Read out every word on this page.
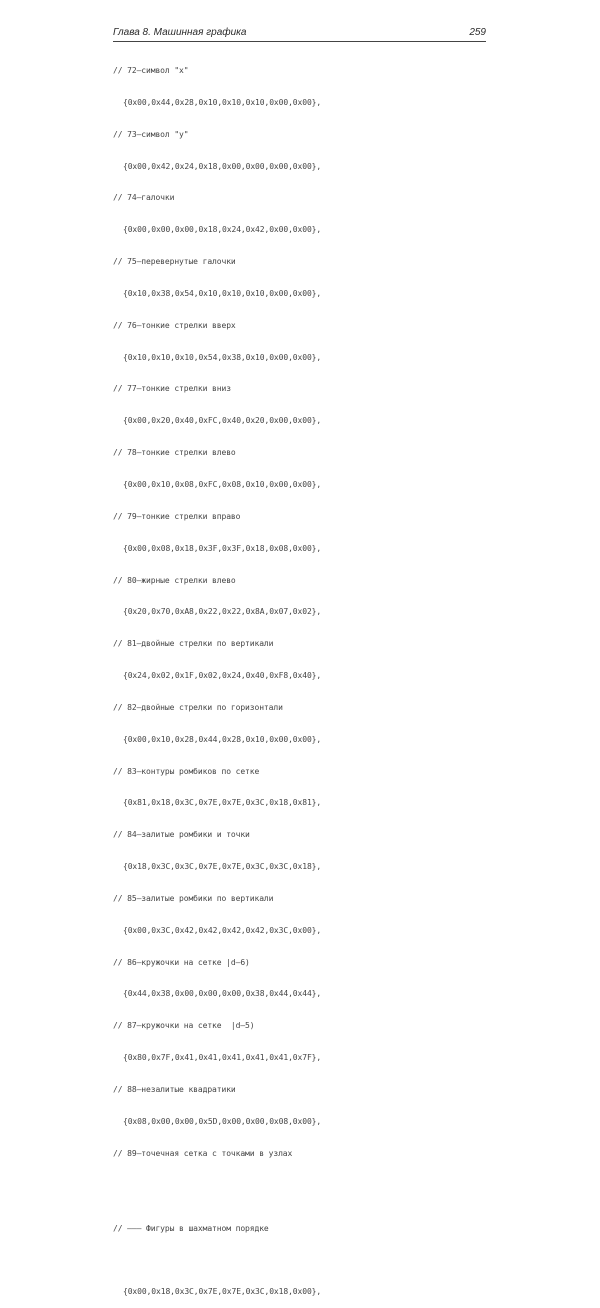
Глава 8. Машинная графика	259

// 72–символ "x"

{0x00,0x44,0x28,0x10,0x10,0x10,0x00,0x00},

// 73–символ "y"

{0x00,0x42,0x24,0x18,0x00,0x00,0x00,0x00},

// 74–галочки

{0x00,0x00,0x00,0x18,0x24,0x42,0x00,0x00},

// 75–перевернутые галочки

{0x10,0x38,0x54,0x10,0x10,0x10,0x00,0x00},

// 76–тонкие стрелки вверх

{0x10,0x10,0x10,0x54,0x38,0x10,0x00,0x00},

// 77–тонкие стрелки вниз

{0x00,0x20,0x40,0xFC,0x40,0x20,0x00,0x00},

// 78–тонкие стрелки влево

{0x00,0x10,0x08,0xFC,0x08,0x10,0x00,0x00},

// 79–тонкие стрелки вправо

{0x00,0x08,0x18,0x3F,0x3F,0x18,0x08,0x00},

// 80–жирные стрелки влево

{0x20,0x70,0xA8,0x22,0x22,0x8A,0x07,0x02},

// 81–двойные стрелки по вертикали

{0x24,0x02,0x1F,0x02,0x24,0x40,0xF8,0x40},

// 82–двойные стрелки по горизонтали

{0x00,0x10,0x28,0x44,0x28,0x10,0x00,0x00},

// 83–контуры ромбиков по сетке

{0x81,0x18,0x3C,0x7E,0x7E,0x3C,0x18,0x81},

// 84–залитые ромбики и точки

{0x18,0x3C,0x3C,0x7E,0x7E,0x3C,0x3C,0x18},

// 85–залитые ромбики по вертикали

{0x00,0x3C,0x42,0x42,0x42,0x42,0x3C,0x00},

// 86–кружочки на сетке |d–6)

{0x44,0x38,0x00,0x00,0x00,0x38,0x44,0x44},

// 87–кружочки на сетке  |d–5)

{0x80,0x7F,0x41,0x41,0x41,0x41,0x41,0x7F},

// 88–незалитые квадратики

{0x08,0x00,0x00,0x5D,0x00,0x00,0x08,0x00},

// 89–точечная сетка с точками в узлах

// ——— Фигуры в шахматном порядке

{0x00,0x18,0x3C,0x7E,0x7E,0x3C,0x18,0x00},
